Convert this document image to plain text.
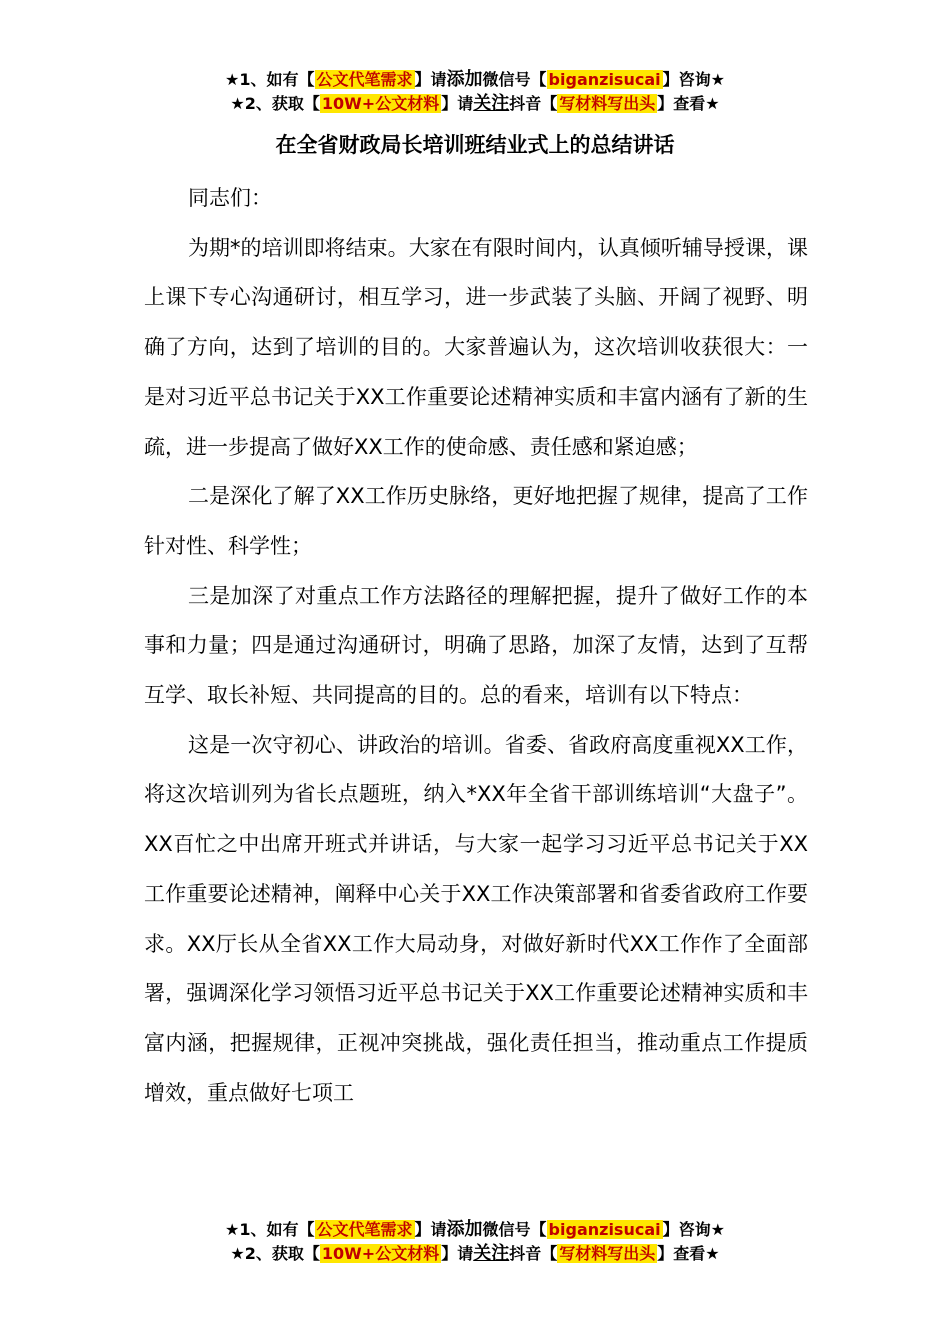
★1、如有【 公文代笔需求 】请添加微信号【 biganzisucai 】咨询★
★2、获取【 10W+公文材料 】请关注抖音【 写材料写出头 】查看★
在全省财政局长培训班结业式上的总结讲话

同志们：

为期*的培训即将结束。大家在有限时间内，认真倾听辅导授课，课上课下专心沟通研讨，相互学习，进一步武装了头脑、开阔了视野、明确了方向，达到了培训的目的。大家普遍认为，这次培训收获很大：一是对习近平总书记关于XX工作重要论述精神实质和丰富内涵有了新的生疏，进一步提高了做好XX工作的使命感、责任感和紧迫感；

二是深化了解了XX工作历史脉络，更好地把握了规律，提高了工作针对性、科学性；

三是加深了对重点工作方法路径的理解把握，提升了做好工作的本事和力量；四是通过沟通研讨，明确了思路，加深了友情，达到了互帮互学、取长补短、共同提高的目的。总的看来，培训有以下特点：

这是一次守初心、讲政治的培训。省委、省政府高度重视XX工作，将这次培训列为省长点题班，纳入*XX年全省干部训练培训“大盘子”。XX百忙之中出席开班式并讲话，与大家一起学习习近平总书记关于XX工作重要论述精神，阐释中心关于XX工作决策部署和省委省政府工作要求。XX厅长从全省XX工作大局动身，对做好新时代XX工作作了全面部署，强调深化学习领悟习近平总书记关于XX工作重要论述精神实质和丰富内涵，把握规律，正视冲突挑战，强化责任担当，推动重点工作提质增效，重点做好七项工

★1、如有【 公文代笔需求 】请添加微信号【 biganzisucai 】咨询★
★2、获取【 10W+公文材料 】请关注抖音【 写材料写出头 】查看★
